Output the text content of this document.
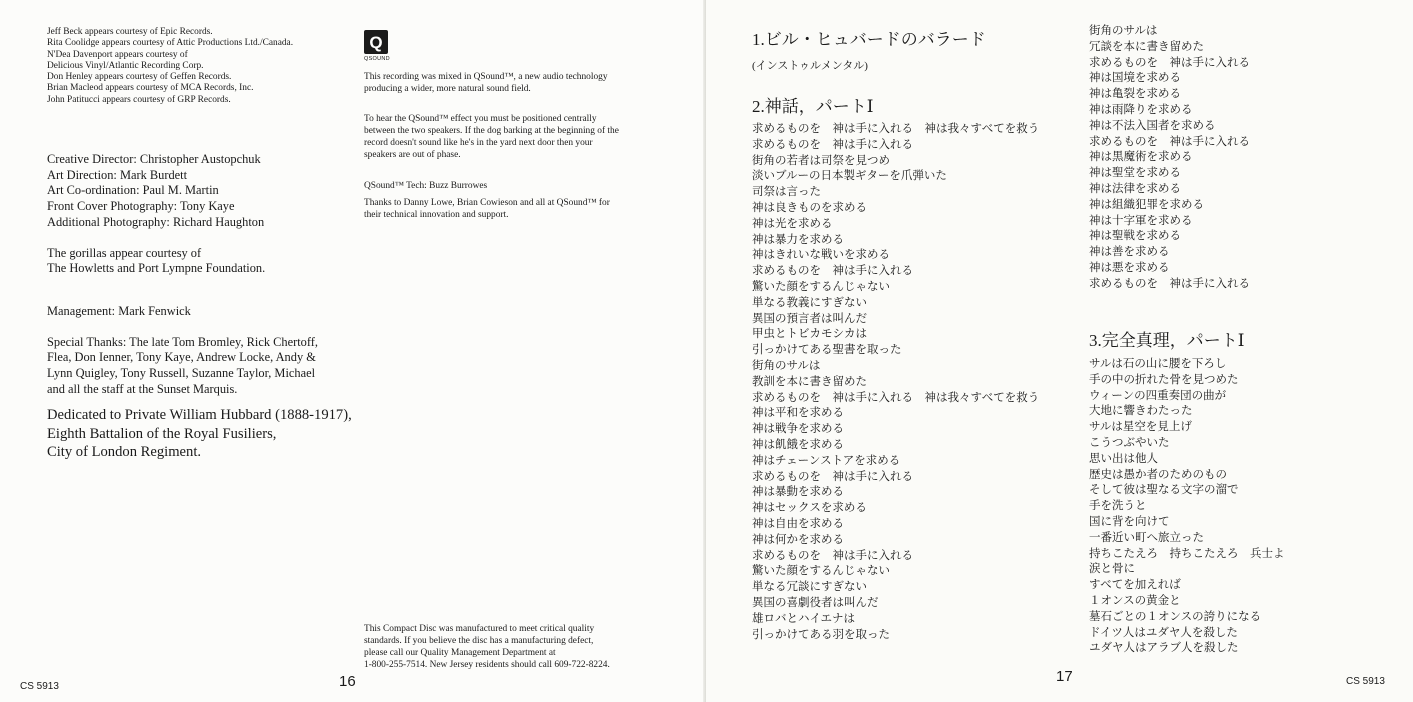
Jeff Beck appears courtesy of Epic Records.
Rita Coolidge appears courtesy of Attic Productions Ltd./Canada.
N'Dea Davenport appears courtesy of
Delicious Vinyl/Atlantic Recording Corp.
Don Henley appears courtesy of Geffen Records.
Brian Macleod appears courtesy of MCA Records, Inc.
John Patitucci appears courtesy of GRP Records.

Creative Director: Christopher Austopchuk

Art Direction: Mark Burdett

Art Co-ordination: Paul M. Martin

Front Cover Photography: Tony Kaye

Additional Photography: Richard Haughton

The gorillas appear courtesy of

The Howletts and Port Lympne Foundation.

Management: Mark Fenwick

Special Thanks: The late Tom Bromley, Rick Chertoff,

Flea, Don Ienner, Tony Kaye, Andrew Locke, Andy &

Lynn Quigley, Tony Russell, Suzanne Taylor, Michael

and all the staff at the Sunset Marquis.

Dedicated to Private William Hubbard (1888-1917),
Eighth Battalion of the Royal Fusiliers,
City of London Regiment.
Q
QSOUND

This recording was mixed in QSound™, a new audio technology

producing a wider, more natural sound field.

To hear the QSound™ effect you must be positioned centrally

between the two speakers. If the dog barking at the beginning of the

record doesn't sound like he's in the yard next door then your

speakers are out of phase.

QSound™ Tech: Buzz Burrowes

Thanks to Danny Lowe, Brian Cowieson and all at QSound™ for

their technical innovation and support.

This Compact Disc was manufactured to meet critical quality

standards. If you believe the disc has a manufacturing defect,

please call our Quality Management Department at

1-800-255-7514. New Jersey residents should call 609-722-8224.

CS 5913	16

1.ビル・ヒュバードのバラード

(インストゥルメンタル)

2.神話，パートⅠ

求めるものを　神は手に入れる　神は我々すべてを救う
求めるものを　神は手に入れる
街角の若者は司祭を見つめ
淡いブルーの日本製ギターを爪弾いた
司祭は言った
神は良きものを求める
神は光を求める
神は暴力を求める
神はきれいな戦いを求める
求めるものを　神は手に入れる
驚いた顔をするんじゃない
単なる教義にすぎない
異国の預言者は叫んだ
甲虫とトビカモシカは
引っかけてある聖書を取った
街角のサルは
教訓を本に書き留めた
求めるものを　神は手に入れる　神は我々すべてを救う
神は平和を求める
神は戦争を求める
神は飢餓を求める
神はチェーンストアを求める
求めるものを　神は手に入れる
神は暴動を求める
神はセックスを求める
神は自由を求める
神は何かを求める
求めるものを　神は手に入れる
驚いた顔をするんじゃない
単なる冗談にすぎない
異国の喜劇役者は叫んだ
雄ロバとハイエナは
引っかけてある羽を取った
街角のサルは
冗談を本に書き留めた
求めるものを　神は手に入れる
神は国境を求める
神は亀裂を求める
神は雨降りを求める
神は不法入国者を求める
求めるものを　神は手に入れる
神は黒魔術を求める
神は聖堂を求める
神は法律を求める
神は組織犯罪を求める
神は十字軍を求める
神は聖戦を求める
神は善を求める
神は悪を求める
求めるものを　神は手に入れる

3.完全真理，パートⅠ

サルは石の山に腰を下ろし
手の中の折れた骨を見つめた
ウィーンの四重奏団の曲が
大地に響きわたった
サルは星空を見上げ
こうつぶやいた
思い出は他人
歴史は愚か者のためのもの
そして彼は聖なる文字の溜で
手を洗うと
国に背を向けて
一番近い町へ旅立った
持ちこたえろ　持ちこたえろ　兵士よ
涙と骨に
すべてを加えれば
１オンスの黄金と
墓石ごとの１オンスの誇りになる
ドイツ人はユダヤ人を殺した
ユダヤ人はアラブ人を殺した
17	CS 5913
